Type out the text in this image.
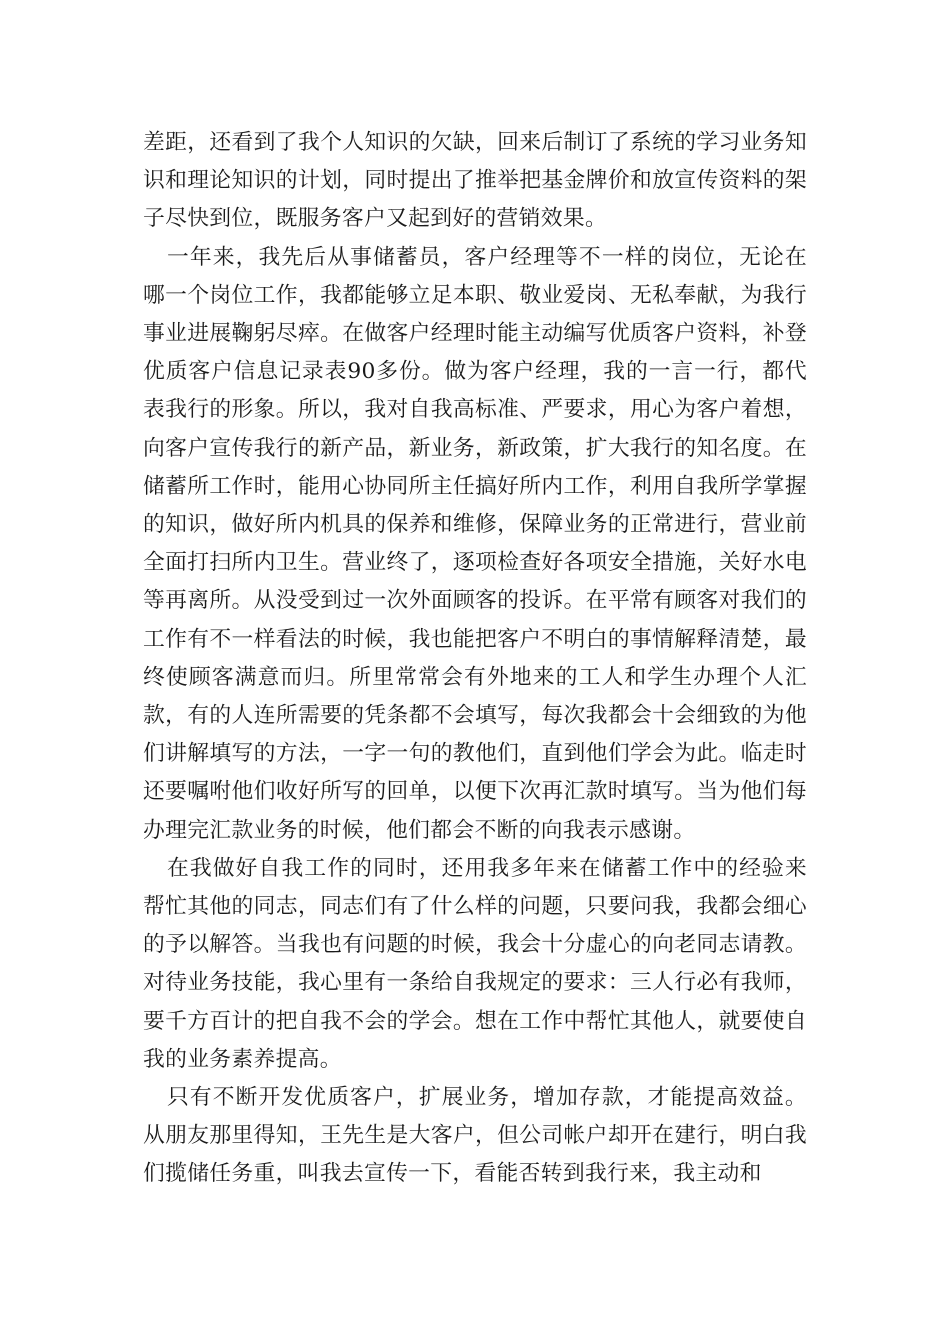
差距，还看到了我个人知识的欠缺，回来后制订了系统的学习业务知识和理论知识的计划，同时提出了推举把基金牌价和放宣传资料的架子尽快到位，既服务客户又起到好的营销效果。

一年来，我先后从事储蓄员，客户经理等不一样的岗位，无论在哪一个岗位工作，我都能够立足本职、敬业爱岗、无私奉献，为我行事业进展鞠躬尽瘁。在做客户经理时能主动编写优质客户资料，补登优质客户信息记录表90多份。做为客户经理，我的一言一行，都代表我行的形象。所以，我对自我高标准、严要求，用心为客户着想，向客户宣传我行的新产品，新业务，新政策，扩大我行的知名度。在储蓄所工作时，能用心协同所主任搞好所内工作，利用自我所学掌握的知识，做好所内机具的保养和维修，保障业务的正常进行，营业前全面打扫所内卫生。营业终了，逐项检查好各项安全措施，关好水电等再离所。从没受到过一次外面顾客的投诉。在平常有顾客对我们的工作有不一样看法的时候，我也能把客户不明白的事情解释清楚，最终使顾客满意而归。所里常常会有外地来的工人和学生办理个人汇款，有的人连所需要的凭条都不会填写，每次我都会十会细致的为他们讲解填写的方法，一字一句的教他们，直到他们学会为此。临走时还要嘱咐他们收好所写的回单，以便下次再汇款时填写。当为他们每办理完汇款业务的时候，他们都会不断的向我表示感谢。

在我做好自我工作的同时，还用我多年来在储蓄工作中的经验来帮忙其他的同志，同志们有了什么样的问题，只要问我，我都会细心的予以解答。当我也有问题的时候，我会十分虚心的向老同志请教。对待业务技能，我心里有一条给自我规定的要求：三人行必有我师，要千方百计的把自我不会的学会。想在工作中帮忙其他人，就要使自我的业务素养提高。

只有不断开发优质客户，扩展业务，增加存款，才能提高效益。从朋友那里得知，王先生是大客户，但公司帐户却开在建行，明白我们揽储任务重，叫我去宣传一下，看能否转到我行来，我主动和
